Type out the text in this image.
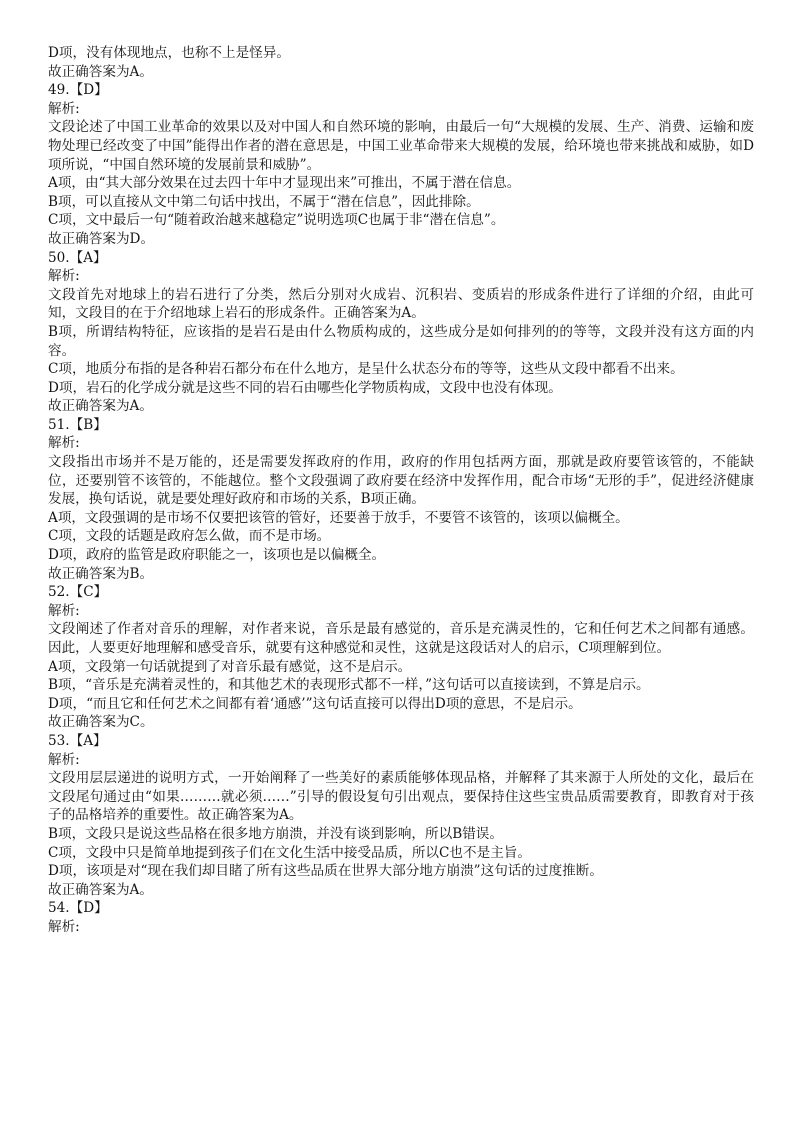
D项，没有体现地点，也称不上是怪异。
故正确答案为A。
49.【D】
解析:
文段论述了中国工业革命的效果以及对中国人和自然环境的影响，由最后一句“大规模的发展、生产、消费、运输和废物处理已经改变了中国”能得出作者的潜在意思是，中国工业革命带来大规模的发展，给环境也带来挑战和威胁，如D项所说，“中国自然环境的发展前景和威胁”。
A项，由“其大部分效果在过去四十年中才显现出来”可推出，不属于潜在信息。
B项，可以直接从文中第二句话中找出，不属于“潜在信息”，因此排除。
C项，文中最后一句“随着政治越来越稳定”说明选项C也属于非“潜在信息”。
故正确答案为D。
50.【A】
解析:
文段首先对地球上的岩石进行了分类，然后分别对火成岩、沉积岩、变质岩的形成条件进行了详细的介绍，由此可知，文段目的在于介绍地球上岩石的形成条件。正确答案为A。
B项，所谓结构特征，应该指的是岩石是由什么物质构成的，这些成分是如何排列的的等等，文段并没有这方面的内容。
C项，地质分布指的是各种岩石都分布在什么地方，是呈什么状态分布的等等，这些从文段中都看不出来。
D项，岩石的化学成分就是这些不同的岩石由哪些化学物质构成，文段中也没有体现。
故正确答案为A。
51.【B】
解析:
文段指出市场并不是万能的，还是需要发挥政府的作用，政府的作用包括两方面，那就是政府要管该管的，不能缺位，还要别管不该管的，不能越位。整个文段强调了政府要在经济中发挥作用，配合市场“无形的手”，促进经济健康发展，换句话说，就是要处理好政府和市场的关系，B项正确。
A项，文段强调的是市场不仅要把该管的管好，还要善于放手，不要管不该管的，该项以偏概全。
C项，文段的话题是政府怎么做，而不是市场。
D项，政府的监管是政府职能之一，该项也是以偏概全。
故正确答案为B。
52.【C】
解析:
文段阐述了作者对音乐的理解，对作者来说，音乐是最有感觉的，音乐是充满灵性的，它和任何艺术之间都有通感。因此，人要更好地理解和感受音乐，就要有这种感觉和灵性，这就是这段话对人的启示，C项理解到位。
A项，文段第一句话就提到了对音乐最有感觉，这不是启示。
B项，“音乐是充满着灵性的，和其他艺术的表现形式都不一样，”这句话可以直接读到，不算是启示。
D项，“而且它和任何艺术之间都有着‘通感’”这句话直接可以得出D项的意思，不是启示。
故正确答案为C。
53.【A】
解析:
文段用层层递进的说明方式，一开始阐释了一些美好的素质能够体现品格，并解释了其来源于人所处的文化，最后在文段尾句通过由“如果………就必须……”引导的假设复句引出观点，要保持住这些宝贵品质需要教育，即教育对于孩子的品格培养的重要性。故正确答案为A。
B项，文段只是说这些品格在很多地方崩溃，并没有谈到影响，所以B错误。
C项，文段中只是简单地提到孩子们在文化生活中接受品质，所以C也不是主旨。
D项，该项是对“现在我们却目睹了所有这些品质在世界大部分地方崩溃”这句话的过度推断。
故正确答案为A。
54.【D】
解析:
